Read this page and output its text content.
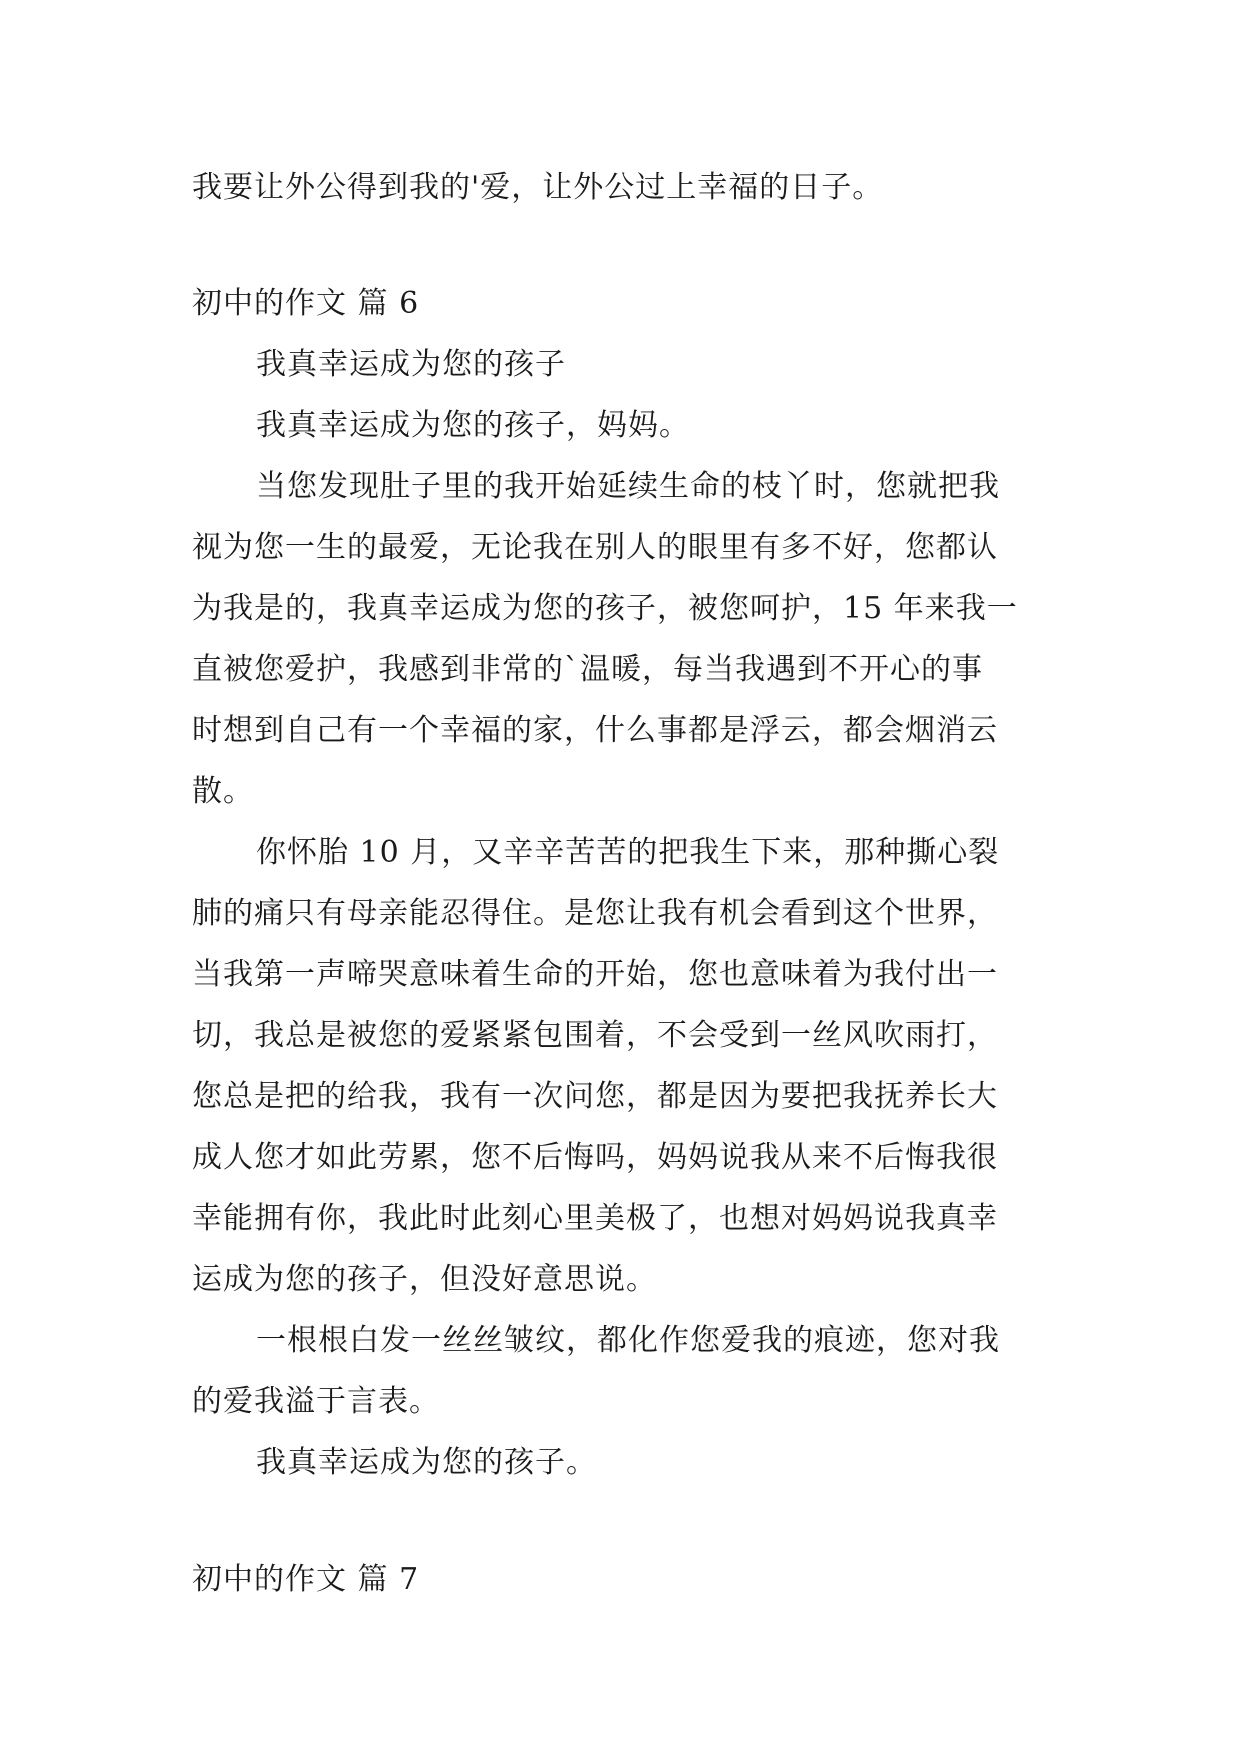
我要让外公得到我的'爱，让外公过上幸福的日子。
初中的作文 篇 6
我真幸运成为您的孩子
我真幸运成为您的孩子，妈妈。
当您发现肚子里的我开始延续生命的枝丫时，您就把我
视为您一生的最爱，无论我在别人的眼里有多不好，您都认
为我是的，我真幸运成为您的孩子，被您呵护，15 年来我一
直被您爱护，我感到非常的`温暖，每当我遇到不开心的事
时想到自己有一个幸福的家，什么事都是浮云，都会烟消云
散。
你怀胎 10 月，又辛辛苦苦的把我生下来，那种撕心裂
肺的痛只有母亲能忍得住。是您让我有机会看到这个世界，
当我第一声啼哭意味着生命的开始，您也意味着为我付出一
切，我总是被您的爱紧紧包围着，不会受到一丝风吹雨打，
您总是把的给我，我有一次问您，都是因为要把我抚养长大
成人您才如此劳累，您不后悔吗，妈妈说我从来不后悔我很
幸能拥有你，我此时此刻心里美极了，也想对妈妈说我真幸
运成为您的孩子，但没好意思说。
一根根白发一丝丝皱纹，都化作您爱我的痕迹，您对我
的爱我溢于言表。
我真幸运成为您的孩子。
初中的作文 篇 7
